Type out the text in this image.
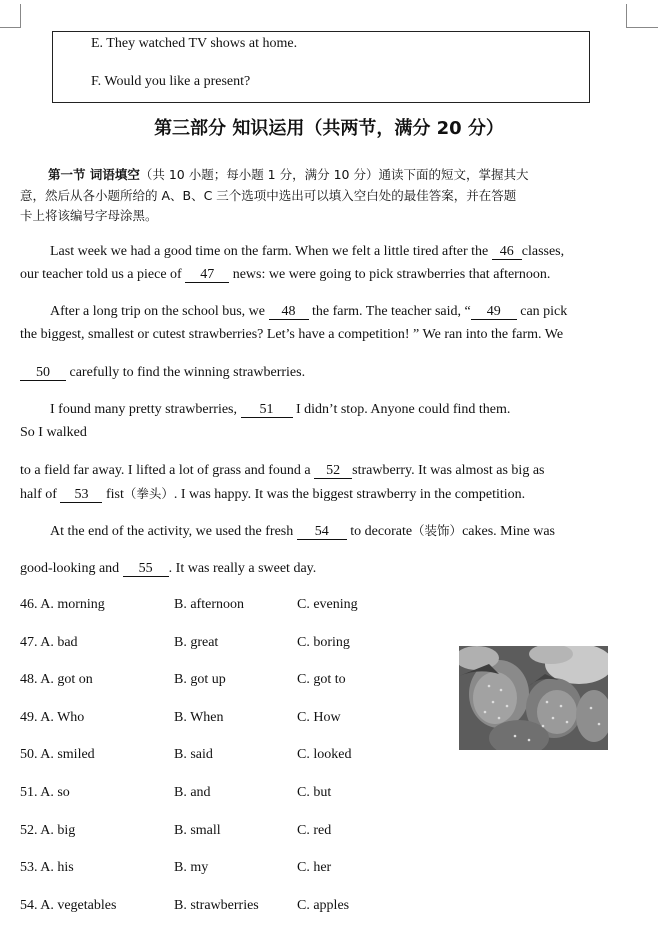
E. They watched TV shows at home.
F. Would you like a present?
第三部分 知识运用（共两节，满分 20 分）
第一节 词语填空（共 10 小题；每小题 1 分，满分 10 分）通读下面的短文，掌握其大
意，然后从各小题所给的 A、B、C 三个选项中选出可以填入空白处的最佳答案，并在答题
卡上将该编号字母涂黑。
Last week we had a good time on the farm. When we felt a little tired after the 46 classes,
our teacher told us a piece of 47 news: we were going to pick strawberries that afternoon.
After a long trip on the school bus, we 48 the farm. The teacher said, “ 49 can pick
the biggest, smallest or cutest strawberries? Let’s have a competition! ” We ran into the farm. We
50 carefully to find the winning strawberries.
I found many pretty strawberries, 51 I didn’t stop. Anyone could find them.
So I walked
to a field far away. I lifted a lot of grass and found a 52 strawberry. It was almost as big as
half of 53 fist（拳头）. I was happy. It was the biggest strawberry in the competition.
At the end of the activity, we used the fresh 54 to decorate（装饰）cakes. Mine was
good-looking and 55 . It was really a sweet day.
46. A. morning	B. afternoon	C. evening
47. A. bad	B. great	C. boring
48. A. got on	B. got up	C. got to
49. A. Who	B. When	C. How
50. A. smiled	B. said	C. looked
51. A. so	B. and	C. but
52. A. big	B. small	C. red
53. A. his	B. my	C. her
54. A. vegetables	B. strawberries	C. apples
